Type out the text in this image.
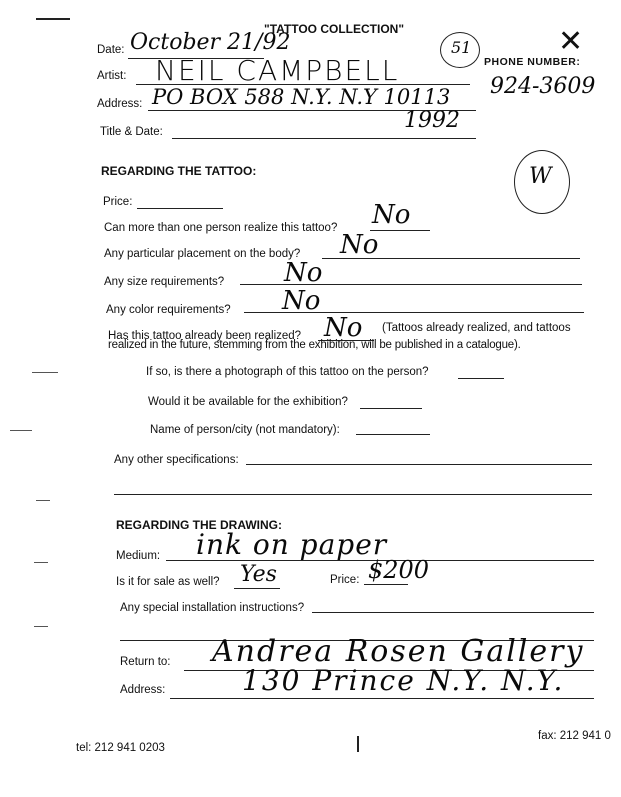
"TATTOO COLLECTION"
Date: October 21/92	51	✕
PHONE NUMBER:
924-3609
Artist: NEIL CAMPBELL
Address: PO BOX 588 N.Y. N.Y 10113
Title & Date:	1992
REGARDING THE TATTOO:	W
Price:
Can more than one person realize this tattoo? No
Any particular placement on the body? No
Any size requirements? No
Any color requirements? No
Has this tattoo already been realized? No (Tattoos already realized, and tattoos
realized in the future, stemming from the exhibition, will be published in a catalogue).
If so, is there a photograph of this tattoo on the person?
Would it be available for the exhibition?
Name of person/city (not mandatory):
Any other specifications:
REGARDING THE DRAWING:
Medium: ink on paper
Is it for sale as well? Yes	Price: $200
Any special installation instructions?
Return to: Andrea Rosen Gallery
Address:	130 Prince N.Y. N.Y.
tel: 212 941 0203
fax: 212 941 0
